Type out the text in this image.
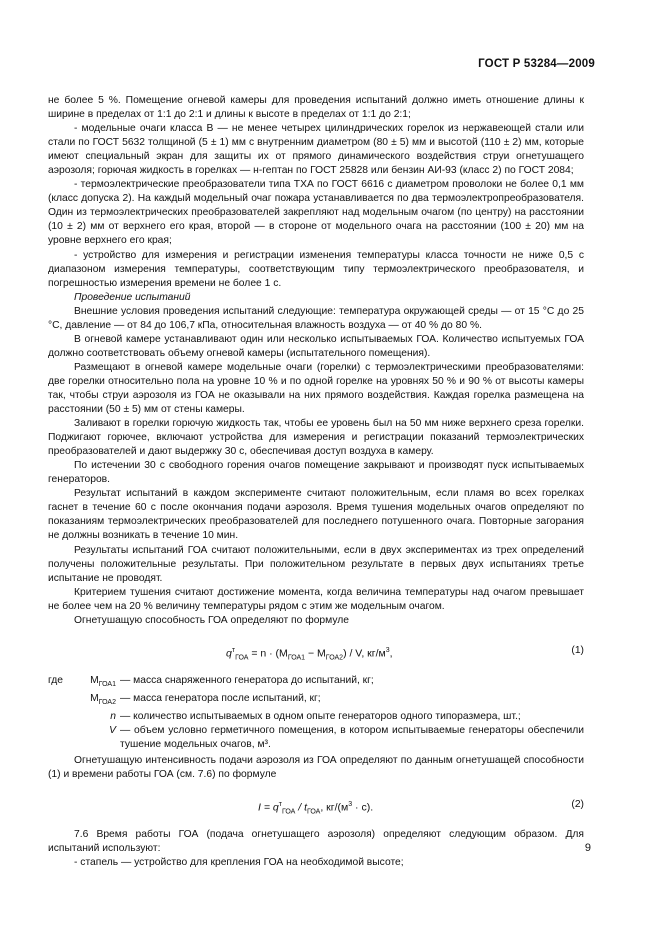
ГОСТ Р 53284—2009

не более 5 %. Помещение огневой камеры для проведения испытаний должно иметь отношение длины к ширине в пределах от 1:1 до 2:1 и длины к высоте в пределах от 1:1 до 2:1;

- модельные очаги класса В — не менее четырех цилиндрических горелок из нержавеющей стали или стали по ГОСТ 5632 толщиной (5 ± 1) мм с внутренним диаметром (80 ± 5) мм и высотой (110 ± 2) мм, которые имеют специальный экран для защиты их от прямого динамического воздействия струи огнетушащего аэрозоля; горючая жидкость в горелках — н-гептан по ГОСТ 25828 или бензин АИ-93 (класс 2) по ГОСТ 2084;

- термоэлектрические преобразователи типа ТХА по ГОСТ 6616 с диаметром проволоки не более 0,1 мм (класс допуска 2). На каждый модельный очаг пожара устанавливается по два термоэлектропреобразователя. Один из термоэлектрических преобразователей закрепляют над модельным очагом (по центру) на расстоянии (10 ± 2) мм от верхнего его края, второй — в стороне от модельного очага на расстоянии (100 ± 20) мм на уровне верхнего его края;

- устройство для измерения и регистрации изменения температуры класса точности не ниже 0,5 с диапазоном измерения температуры, соответствующим типу термоэлектрического преобразователя, и погрешностью измерения времени не более 1 с.

Проведение испытаний

Внешние условия проведения испытаний следующие: температура окружающей среды — от 15 °С до 25 °С, давление — от 84 до 106,7 кПа, относительная влажность воздуха — от 40 % до 80 %.

В огневой камере устанавливают один или несколько испытываемых ГОА. Количество испытуемых ГОА должно соответствовать объему огневой камеры (испытательного помещения).

Размещают в огневой камере модельные очаги (горелки) с термоэлектрическими преобразователями: две горелки относительно пола на уровне 10 % и по одной горелке на уровнях 50 % и 90 % от высоты камеры так, чтобы струи аэрозоля из ГОА не оказывали на них прямого воздействия. Каждая горелка размещена на расстоянии (50 ± 5) мм от стены камеры.

Заливают в горелки горючую жидкость так, чтобы ее уровень был на 50 мм ниже верхнего среза горелки. Поджигают горючее, включают устройства для измерения и регистрации показаний термоэлектрических преобразователей и дают выдержку 30 с, обеспечивая доступ воздуха в камеру.

По истечении 30 с свободного горения очагов помещение закрывают и производят пуск испытываемых генераторов.

Результат испытаний в каждом эксперименте считают положительным, если пламя во всех горелках гаснет в течение 60 с после окончания подачи аэрозоля. Время тушения модельных очагов определяют по показаниям термоэлектрических преобразователей для последнего потушенного очага. Повторные загорания не должны возникать в течение 10 мин.

Результаты испытаний ГОА считают положительными, если в двух экспериментах из трех определений получены положительные результаты. При положительном результате в первых двух испытаниях третье испытание не проводят.

Критерием тушения считают достижение момента, когда величина температуры над очагом превышает не более чем на 20 % величину температуры рядом с этим же модельным очагом.

Огнетушащую способность ГОА определяют по формуле

$q^т_{ГОА} = n \cdot (M_{ГОА1} - M_{ГОА2}) / V$, $кг/м^3$,	(1)
где	$M_{ГОА1}$ — масса снаряженного генератора до испытаний, кг;
$M_{ГОА2}$ — масса генератора после испытаний, кг;
n — количество испытываемых в одном опыте генераторов одного типоразмера, шт.;
V — объем условно герметичного помещения, в котором испытываемые генераторы обеспечили тушение модельных очагов, м³.

Огнетушащую интенсивность подачи аэрозоля из ГОА определяют по данным огнетушащей способности (1) и времени работы ГОА (см. 7.6) по формуле

$I = q^т_{ГОА} / t_{ГОА}$, $кг/(м^3 \cdot с)$.	(2)

7.6 Время работы ГОА (подача огнетушащего аэрозоля) определяют следующим образом. Для испытаний используют:

- стапель — устройство для крепления ГОА на необходимой высоте;

9
